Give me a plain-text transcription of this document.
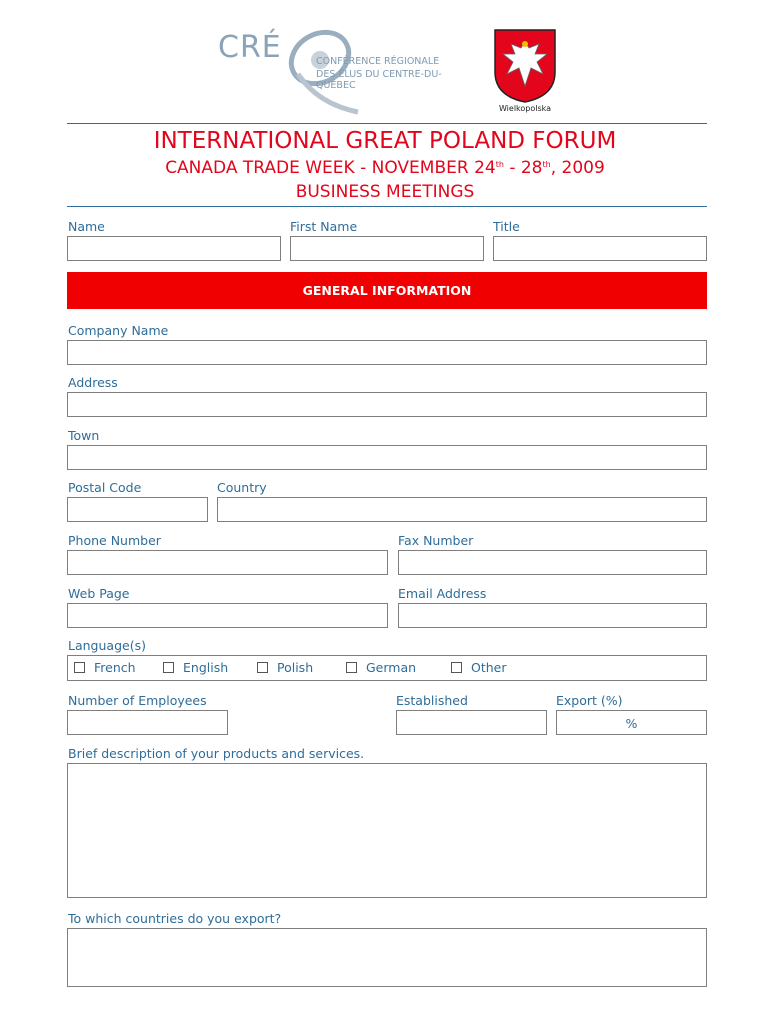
CRÉ	CONFÉRENCE RÉGIONALE
DES ÉLUS DU CENTRE-DU-QUÉBEC
Wielkopolska
INTERNATIONAL GREAT POLAND FORUM
CANADA TRADE WEEK - NOVEMBER 24th - 28th, 2009
BUSINESS MEETINGS
Name	First Name	Title
GENERAL INFORMATION
Company Name
Address
Town
Postal Code	Country
Phone Number	Fax Number
Web Page	Email Address
Language(s)
French	English	Polish	German	Other
Number of Employees	Established	Export (%)
%
Brief description of your products and services.
To which countries do you export?
